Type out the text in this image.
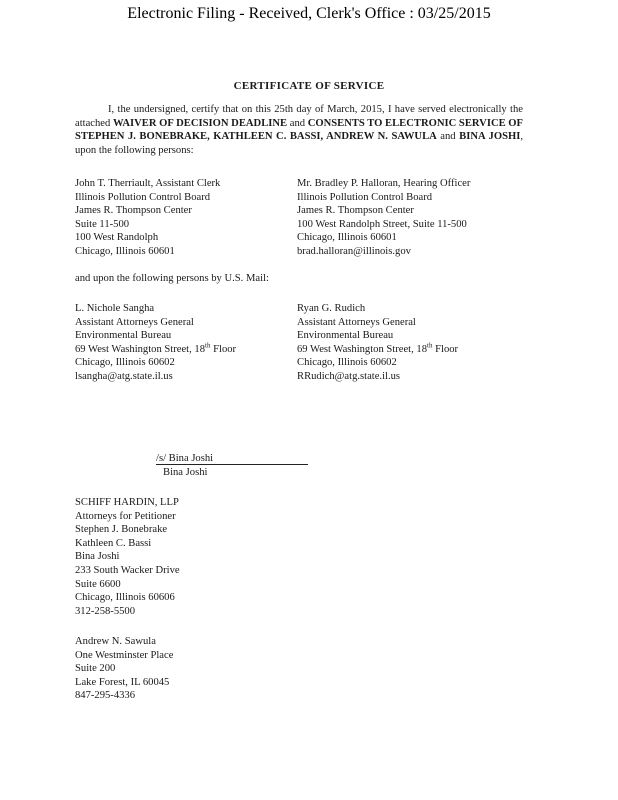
Electronic Filing - Received, Clerk's Office : 03/25/2015
CERTIFICATE OF SERVICE
I, the undersigned, certify that on this 25th day of March, 2015, I have served electronically the attached WAIVER OF DECISION DEADLINE and CONSENTS TO ELECTRONIC SERVICE OF STEPHEN J. BONEBRAKE, KATHLEEN C. BASSI, ANDREW N. SAWULA and BINA JOSHI, upon the following persons:
John T. Therriault, Assistant Clerk
Illinois Pollution Control Board
James R. Thompson Center
Suite 11-500
100 West Randolph
Chicago, Illinois 60601
Mr. Bradley P. Halloran, Hearing Officer
Illinois Pollution Control Board
James R. Thompson Center
100 West Randolph Street, Suite 11-500
Chicago, Illinois 60601
brad.halloran@illinois.gov
and upon the following persons by U.S. Mail:
L. Nichole Sangha
Assistant Attorneys General
Environmental Bureau
69 West Washington Street, 18th Floor
Chicago, Illinois 60602
lsangha@atg.state.il.us
Ryan G. Rudich
Assistant Attorneys General
Environmental Bureau
69 West Washington Street, 18th Floor
Chicago, Illinois 60602
RRudich@atg.state.il.us
/s/ Bina Joshi
Bina Joshi
SCHIFF HARDIN, LLP
Attorneys for Petitioner
Stephen J. Bonebrake
Kathleen C. Bassi
Bina Joshi
233 South Wacker Drive
Suite 6600
Chicago, Illinois 60606
312-258-5500
Andrew N. Sawula
One Westminster Place
Suite 200
Lake Forest, IL 60045
847-295-4336
